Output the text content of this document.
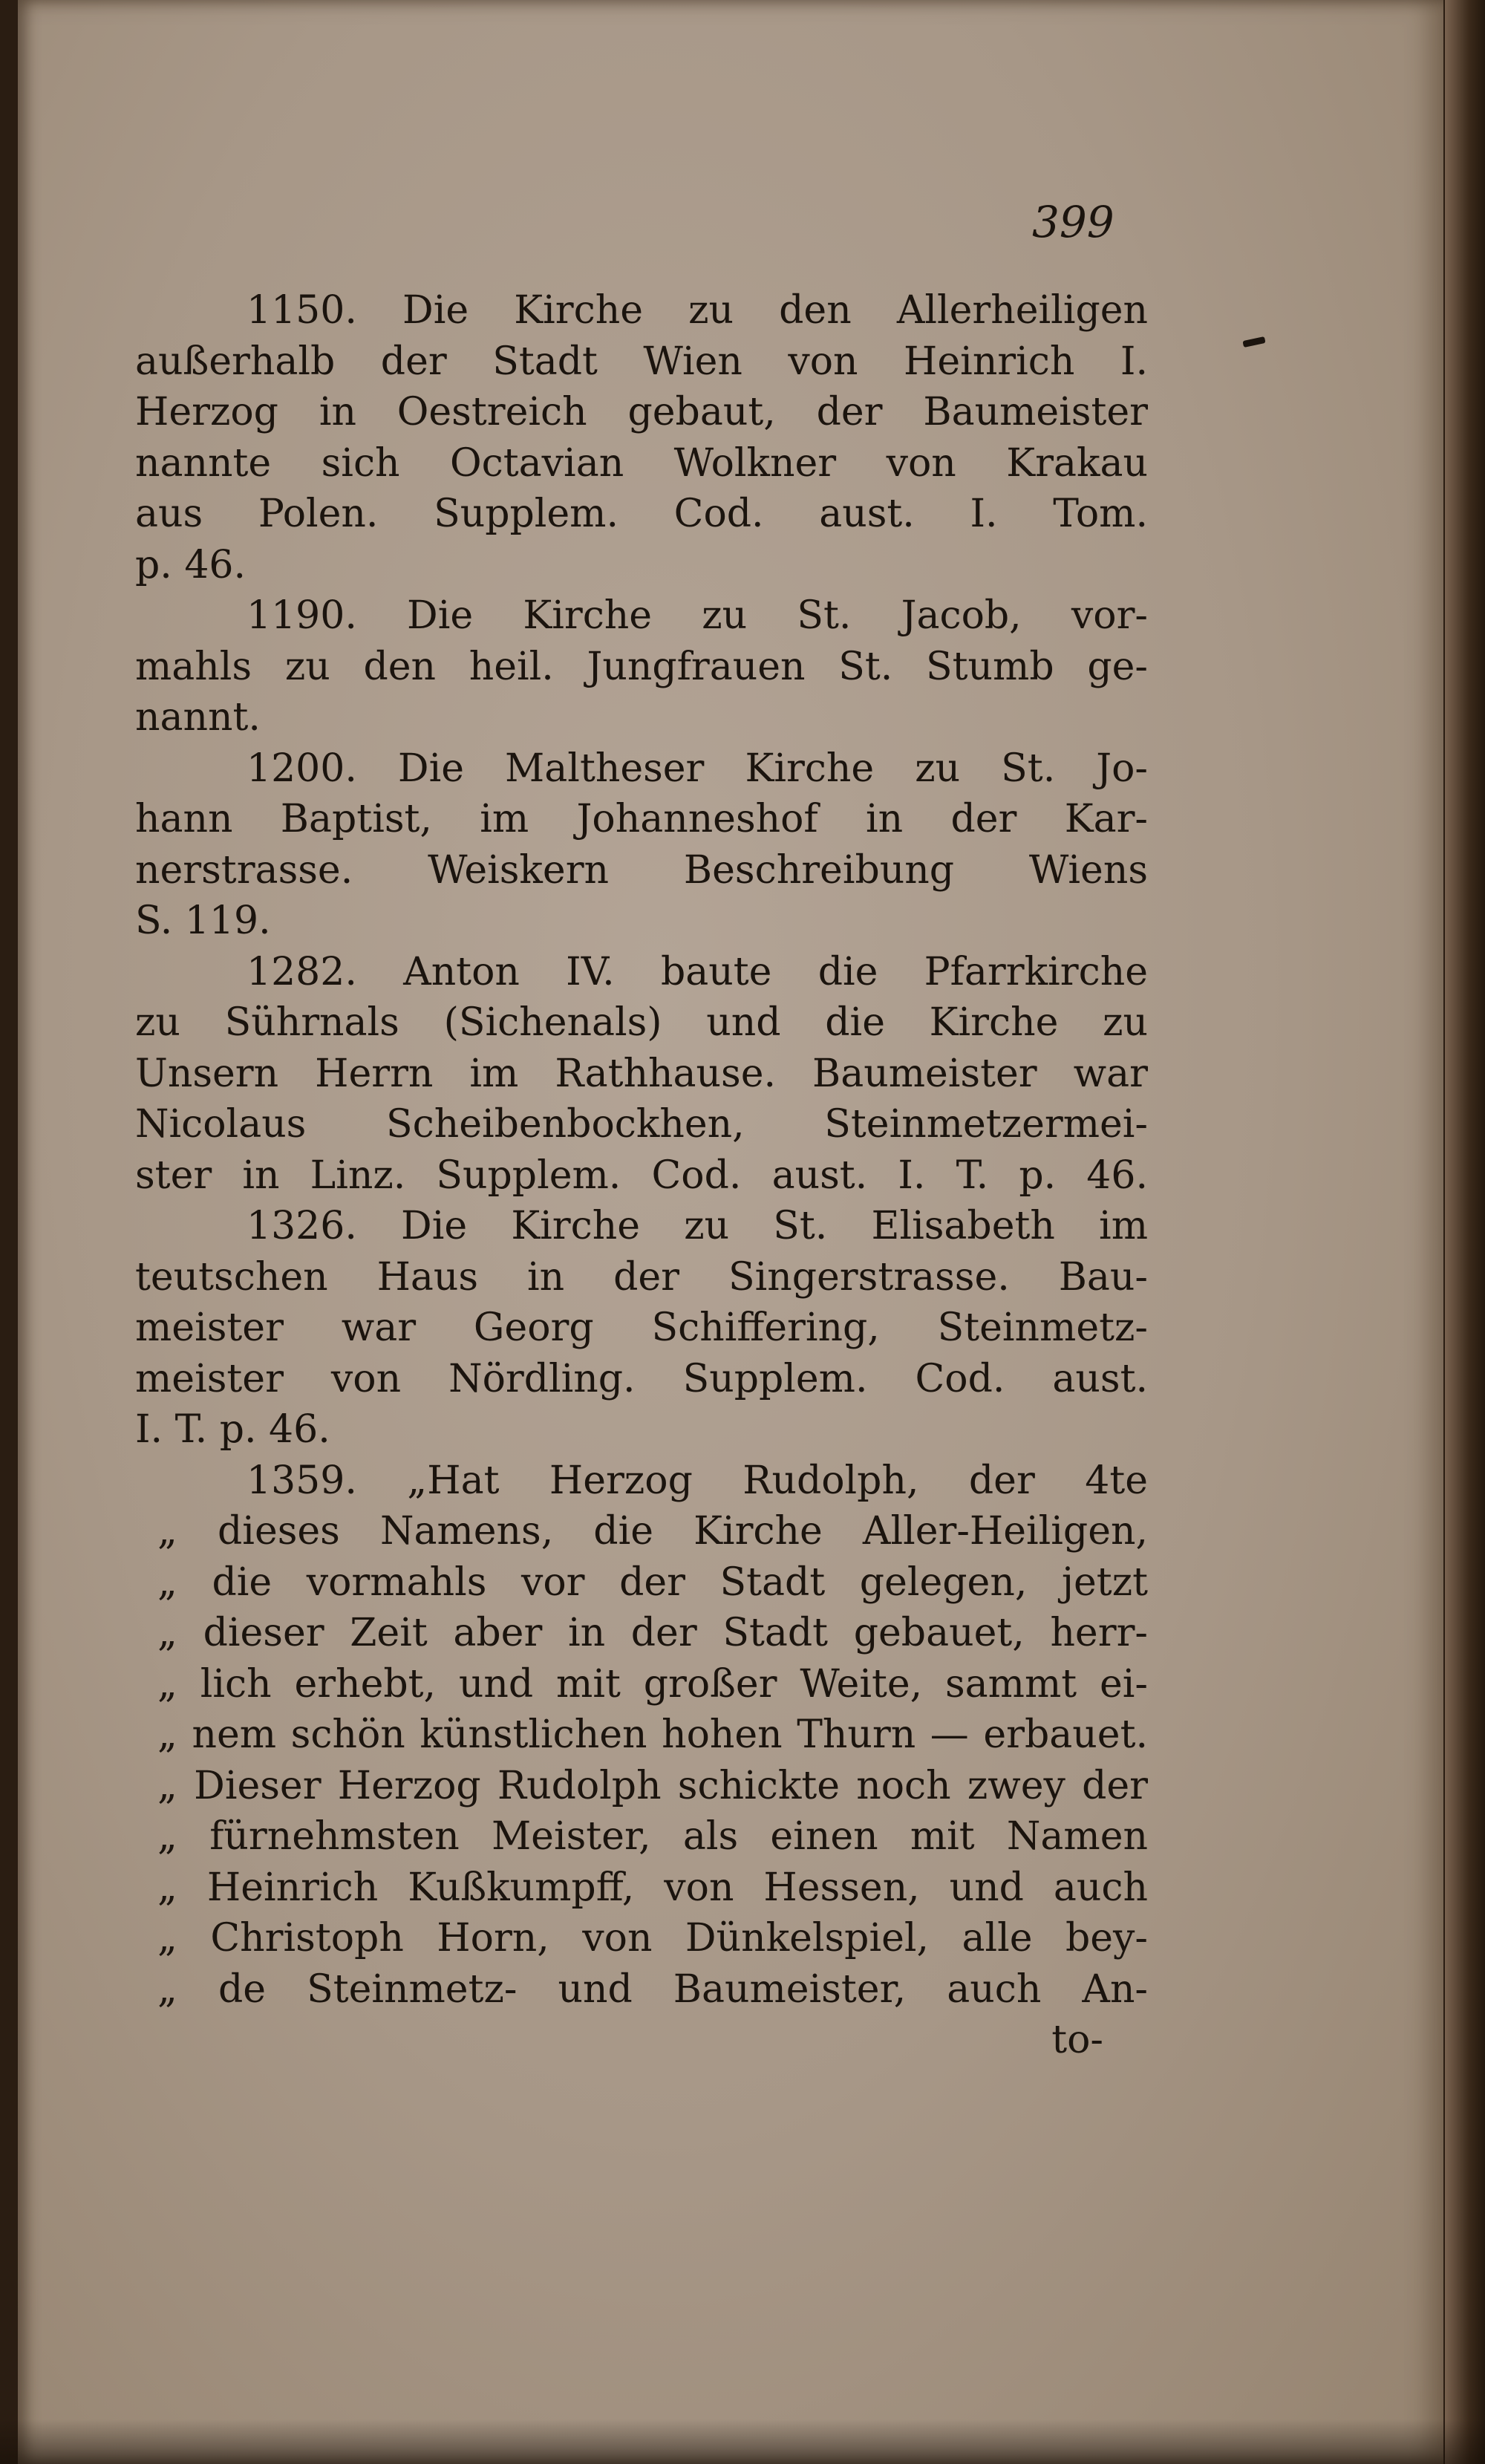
399
1150. Die Kirche zu den Allerheiligen
außerhalb der Stadt Wien von Heinrich I.
Herzog in Oestreich gebaut, der Baumeister
nannte sich Octavian Wolkner von Krakau
aus Polen. Supplem. Cod. aust. I. Tom.
p. 46.
1190. Die Kirche zu St. Jacob, vor-
mahls zu den heil. Jungfrauen St. Stumb ge-
nannt.
1200. Die Maltheser Kirche zu St. Jo-
hann Baptist, im Johanneshof in der Kar-
nerstrasse. Weiskern Beschreibung Wiens
S. 119.
1282. Anton IV. baute die Pfarrkirche
zu Sührnals (Sichenals) und die Kirche zu
Unsern Herrn im Rathhause. Baumeister war
Nicolaus Scheibenbockhen, Steinmetzermei-
ster in Linz. Supplem. Cod. aust. I. T. p. 46.
1326. Die Kirche zu St. Elisabeth im
teutschen Haus in der Singerstrasse. Bau-
meister war Georg Schiffering, Steinmetz-
meister von Nördling. Supplem. Cod. aust.
I. T. p. 46.
1359. „Hat Herzog Rudolph, der 4te
„ dieses Namens, die Kirche Aller-Heiligen,
„ die vormahls vor der Stadt gelegen, jetzt
„ dieser Zeit aber in der Stadt gebauet, herr-
„ lich erhebt, und mit großer Weite, sammt ei-
„ nem schön künstlichen hohen Thurn — erbauet.
„ Dieser Herzog Rudolph schickte noch zwey der
„ fürnehmsten Meister, als einen mit Namen
„ Heinrich Kußkumpff, von Hessen, und auch
„ Christoph Horn, von Dünkelspiel, alle bey-
„ de Steinmetz- und Baumeister, auch An-
to-
